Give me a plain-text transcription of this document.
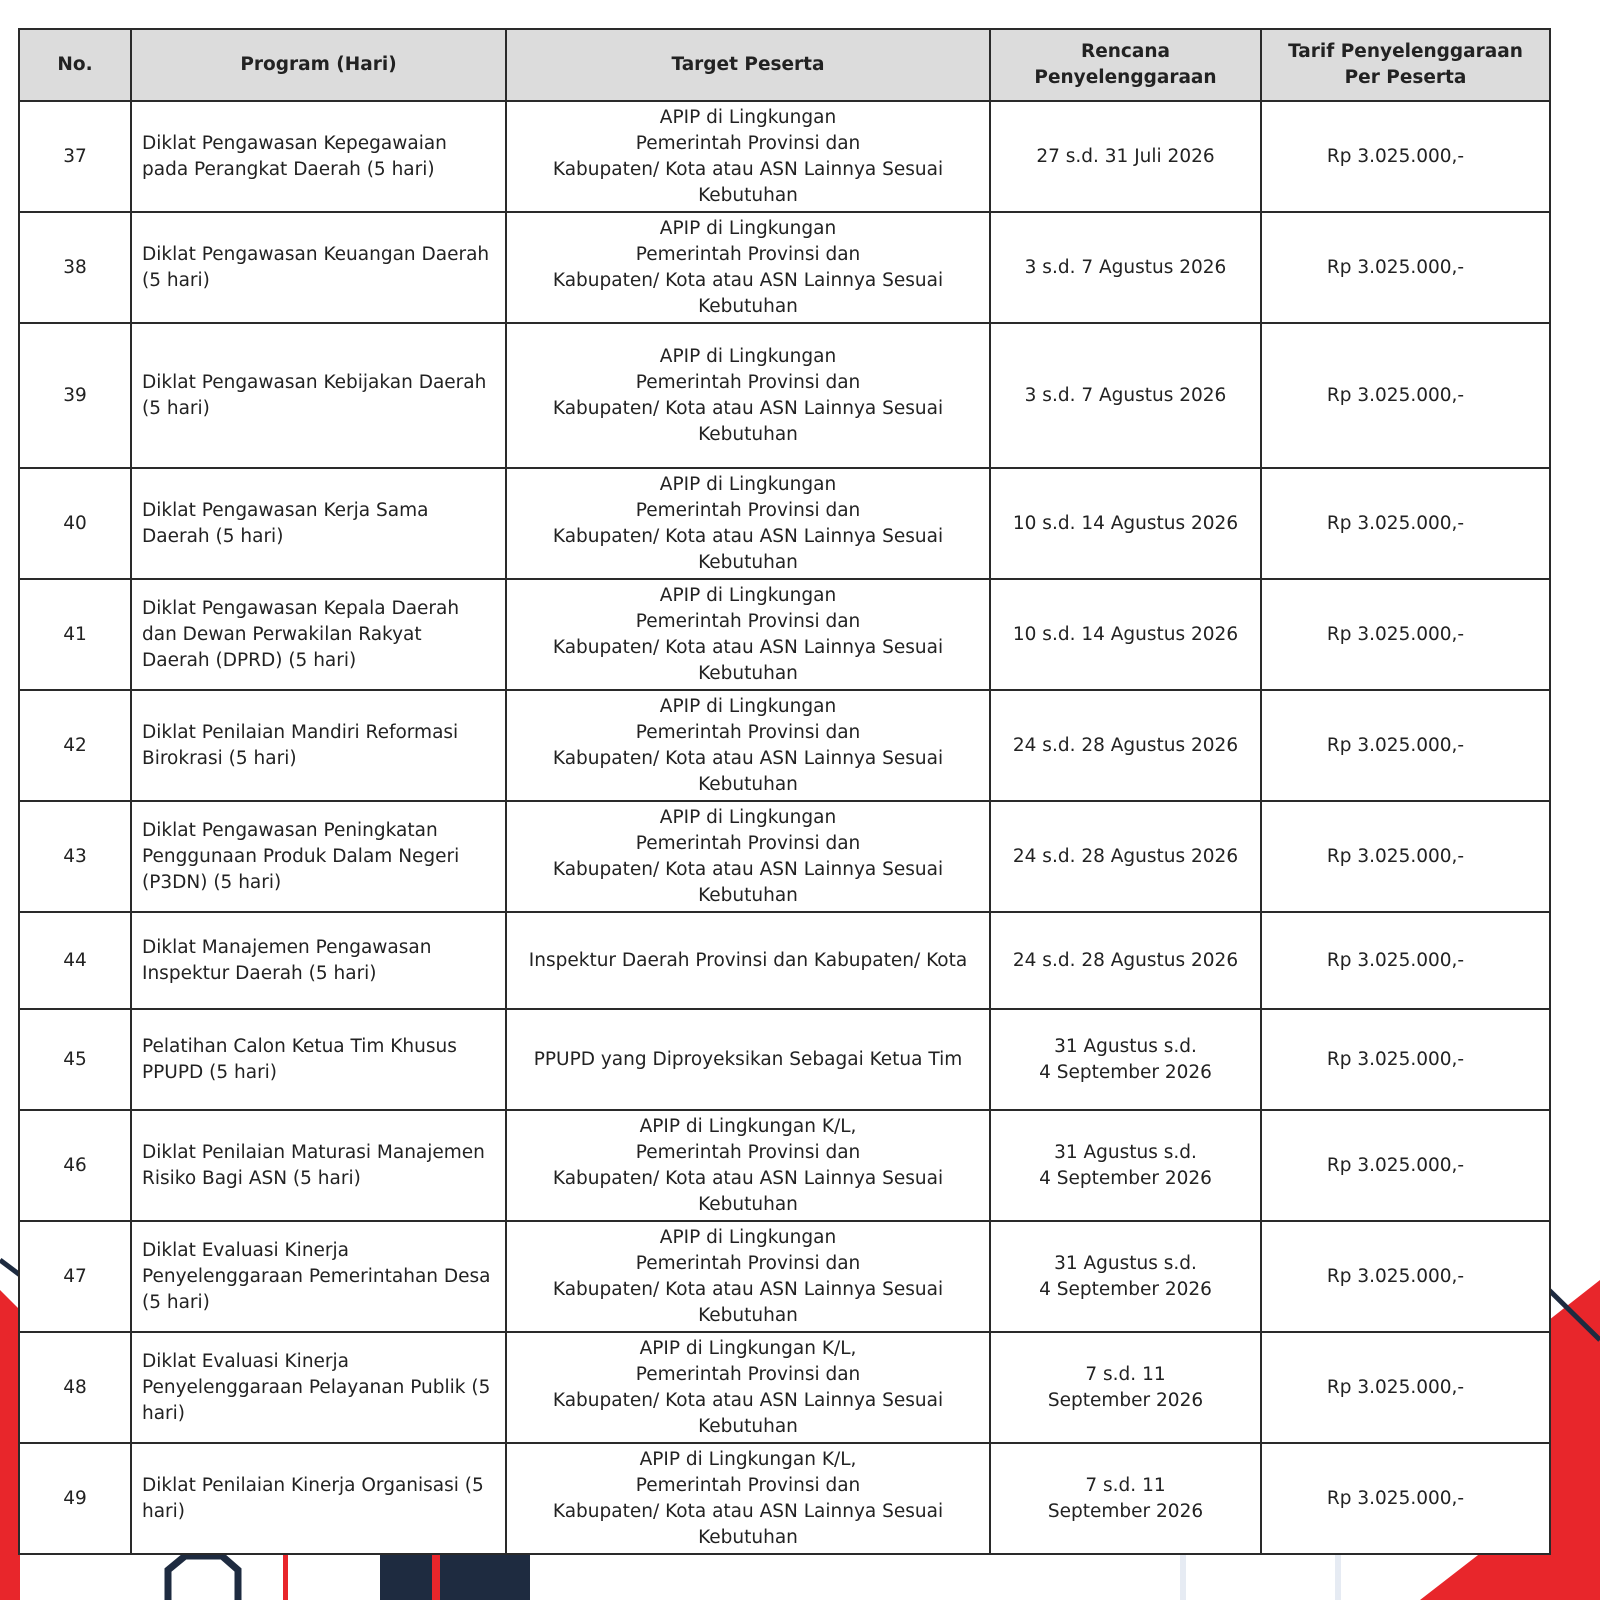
No.	Program (Hari)	Target Peserta	Rencana Penyelenggaraan	Tarif Penyelenggaraan Per Peserta
37	Diklat Pengawasan Kepegawaian pada Perangkat Daerah (5 hari)	APIP di Lingkungan
Pemerintah Provinsi dan
Kabupaten/ Kota atau ASN Lainnya Sesuai
Kebutuhan	27 s.d. 31 Juli 2026	Rp 3.025.000,-
38	Diklat Pengawasan Keuangan Daerah (5 hari)	APIP di Lingkungan
Pemerintah Provinsi dan
Kabupaten/ Kota atau ASN Lainnya Sesuai
Kebutuhan	3 s.d. 7 Agustus 2026	Rp 3.025.000,-
39	Diklat Pengawasan Kebijakan Daerah (5 hari)	APIP di Lingkungan
Pemerintah Provinsi dan
Kabupaten/ Kota atau ASN Lainnya Sesuai
Kebutuhan	3 s.d. 7 Agustus 2026	Rp 3.025.000,-
40	Diklat Pengawasan Kerja Sama Daerah (5 hari)	APIP di Lingkungan
Pemerintah Provinsi dan
Kabupaten/ Kota atau ASN Lainnya Sesuai
Kebutuhan	10 s.d. 14 Agustus 2026	Rp 3.025.000,-
41	Diklat Pengawasan Kepala Daerah dan Dewan Perwakilan Rakyat Daerah (DPRD) (5 hari)	APIP di Lingkungan
Pemerintah Provinsi dan
Kabupaten/ Kota atau ASN Lainnya Sesuai
Kebutuhan	10 s.d. 14 Agustus 2026	Rp 3.025.000,-
42	Diklat Penilaian Mandiri Reformasi Birokrasi (5 hari)	APIP di Lingkungan
Pemerintah Provinsi dan
Kabupaten/ Kota atau ASN Lainnya Sesuai
Kebutuhan	24 s.d. 28 Agustus 2026	Rp 3.025.000,-
43	Diklat Pengawasan Peningkatan Penggunaan Produk Dalam Negeri (P3DN) (5 hari)	APIP di Lingkungan
Pemerintah Provinsi dan
Kabupaten/ Kota atau ASN Lainnya Sesuai
Kebutuhan	24 s.d. 28 Agustus 2026	Rp 3.025.000,-
44	Diklat Manajemen Pengawasan Inspektur Daerah (5 hari)	Inspektur Daerah Provinsi dan Kabupaten/ Kota	24 s.d. 28 Agustus 2026	Rp 3.025.000,-
45	Pelatihan Calon Ketua Tim Khusus PPUPD (5 hari)	PPUPD yang Diproyeksikan Sebagai Ketua Tim	31 Agustus s.d.
4 September 2026	Rp 3.025.000,-
46	Diklat Penilaian Maturasi Manajemen Risiko Bagi ASN (5 hari)	APIP di Lingkungan K/L,
Pemerintah Provinsi dan
Kabupaten/ Kota atau ASN Lainnya Sesuai
Kebutuhan	31 Agustus s.d.
4 September 2026	Rp 3.025.000,-
47	Diklat Evaluasi Kinerja Penyelenggaraan Pemerintahan Desa (5 hari)	APIP di Lingkungan
Pemerintah Provinsi dan
Kabupaten/ Kota atau ASN Lainnya Sesuai
Kebutuhan	31 Agustus s.d.
4 September 2026	Rp 3.025.000,-
48	Diklat Evaluasi Kinerja Penyelenggaraan Pelayanan Publik (5 hari)	APIP di Lingkungan K/L,
Pemerintah Provinsi dan
Kabupaten/ Kota atau ASN Lainnya Sesuai
Kebutuhan	7 s.d. 11
September 2026	Rp 3.025.000,-
49	Diklat Penilaian Kinerja Organisasi (5 hari)	APIP di Lingkungan K/L,
Pemerintah Provinsi dan
Kabupaten/ Kota atau ASN Lainnya Sesuai
Kebutuhan	7 s.d. 11
September 2026	Rp 3.025.000,-
